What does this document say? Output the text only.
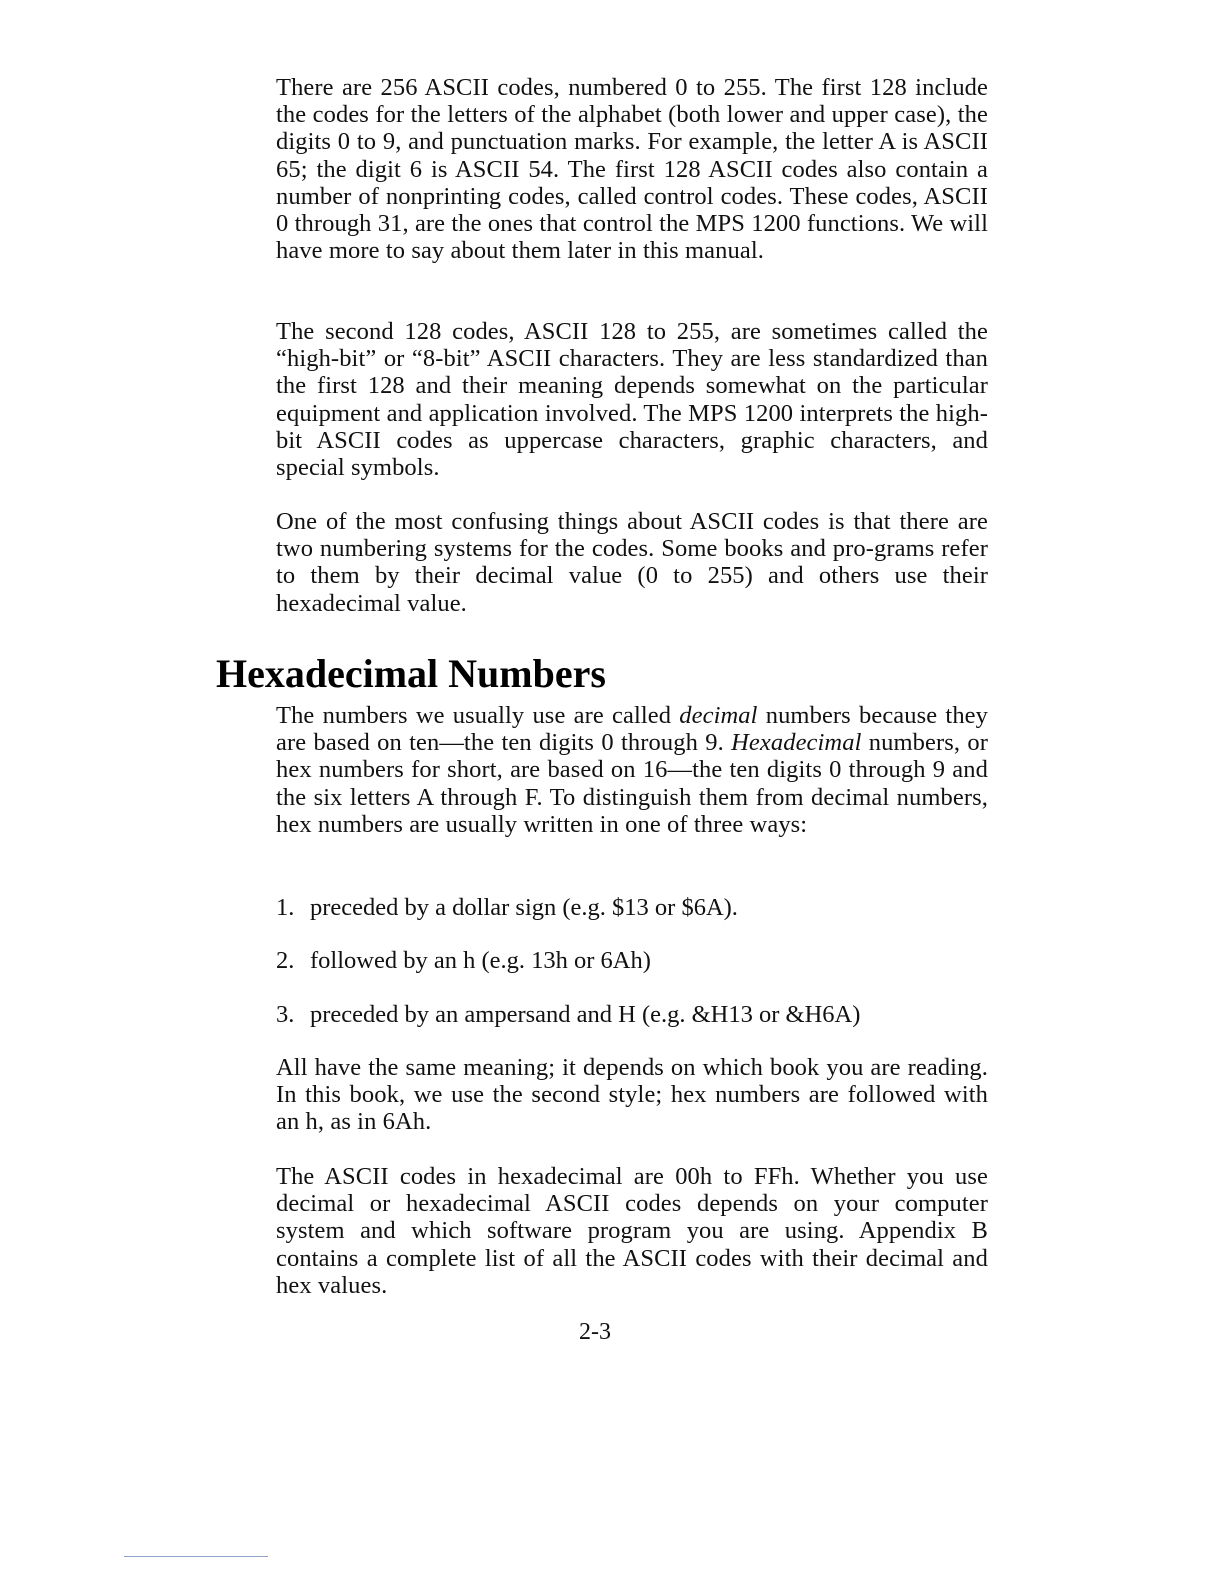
There are 256 ASCII codes, numbered 0 to 255. The first 128 include the codes for the letters of the alphabet (both lower and upper case), the digits 0 to 9, and punctuation marks. For example, the letter A is ASCII 65; the digit 6 is ASCII 54. The first 128 ASCII codes also contain a number of nonprinting codes, called control codes. These codes, ASCII 0 through 31, are the ones that control the MPS 1200 functions. We will have more to say about them later in this manual.

The second 128 codes, ASCII 128 to 255, are sometimes called the “high-bit” or “8-bit” ASCII characters. They are less standardized than the first 128 and their meaning depends somewhat on the particular equipment and application involved. The MPS 1200 interprets the high-bit ASCII codes as uppercase characters, graphic characters, and special symbols.

One of the most confusing things about ASCII codes is that there are two numbering systems for the codes. Some books and pro-grams refer to them by their decimal value (0 to 255) and others use their hexadecimal value.

Hexadecimal Numbers

The numbers we usually use are called decimal numbers because they are based on ten—the ten digits 0 through 9. Hexadecimal numbers, or hex numbers for short, are based on 16—the ten digits 0 through 9 and the six letters A through F. To distinguish them from decimal numbers, hex numbers are usually written in one of three ways:

1. preceded by a dollar sign (e.g. $13 or $6A).

2. followed by an h (e.g. 13h or 6Ah)

3. preceded by an ampersand and H (e.g. &H13 or &H6A)

All have the same meaning; it depends on which book you are reading. In this book, we use the second style; hex numbers are followed with an h, as in 6Ah.

The ASCII codes in hexadecimal are 00h to FFh. Whether you use decimal or hexadecimal ASCII codes depends on your computer system and which software program you are using. Appendix B contains a complete list of all the ASCII codes with their decimal and hex values.

2-3
